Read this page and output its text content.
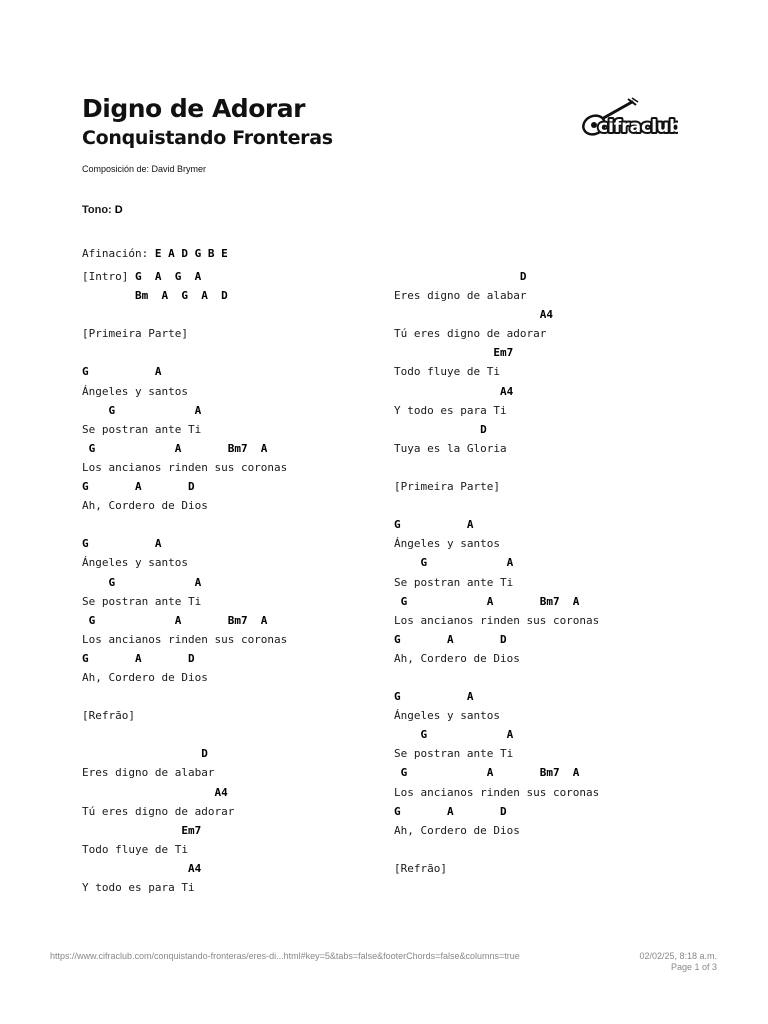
Digno de Adorar
Conquistando Fronteras
Composición de: David Brymer
cifraclub
Tono: D
Afinación: E A D G B E
[Intro] G  A  G  A
Bm  A  G  A  D

[Primeira Parte]

G          A
Ángeles y santos
G            A
Se postran ante Ti
G            A       Bm7  A
Los ancianos rinden sus coronas
G       A       D
Ah, Cordero de Dios

G          A
Ángeles y santos
G            A
Se postran ante Ti
G            A       Bm7  A
Los ancianos rinden sus coronas
G       A       D
Ah, Cordero de Dios

[Refrão]

D
Eres digno de alabar
A4
Tú eres digno de adorar
Em7
Todo fluye de Ti
A4
Y todo es para Ti
D
Eres digno de alabar
A4
Tú eres digno de adorar
Em7
Todo fluye de Ti
A4
Y todo es para Ti
D
Tuya es la Gloria

[Primeira Parte]

G          A
Ángeles y santos
G            A
Se postran ante Ti
G            A       Bm7  A
Los ancianos rinden sus coronas
G       A       D
Ah, Cordero de Dios

G          A
Ángeles y santos
G            A
Se postran ante Ti
G            A       Bm7  A
Los ancianos rinden sus coronas
G       A       D
Ah, Cordero de Dios

[Refrão]
https://www.cifraclub.com/conquistando-fronteras/eres-di...html#key=5&tabs=false&footerChords=false&columns=true	02/02/25, 8:18 a.m.
Page 1 of 3
